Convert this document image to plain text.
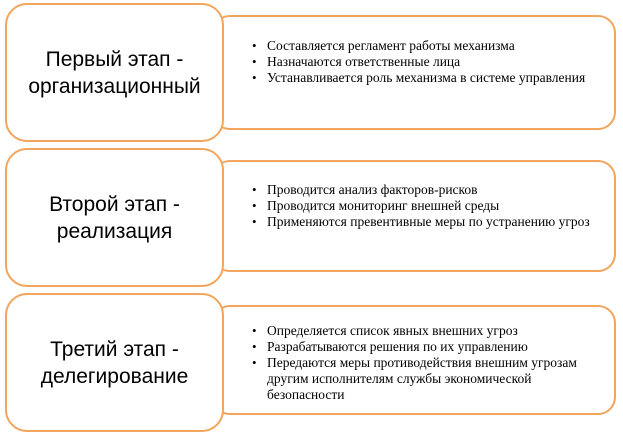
Первый этап - организационный
• Составляется регламент работы механизма
• Назначаются ответственные лица
• Устанавливается роль механизма в системе управления
Второй этап - реализация
• Проводится анализ факторов-рисков
• Проводится мониторинг внешней среды
• Применяются превентивные меры по устранению угроз
Третий этап - делегирование
• Определяется список явных внешних угроз
• Разрабатываются решения по их управлению
• Передаются меры противодействия внешним угрозам другим исполнителям службы экономической безопасности
